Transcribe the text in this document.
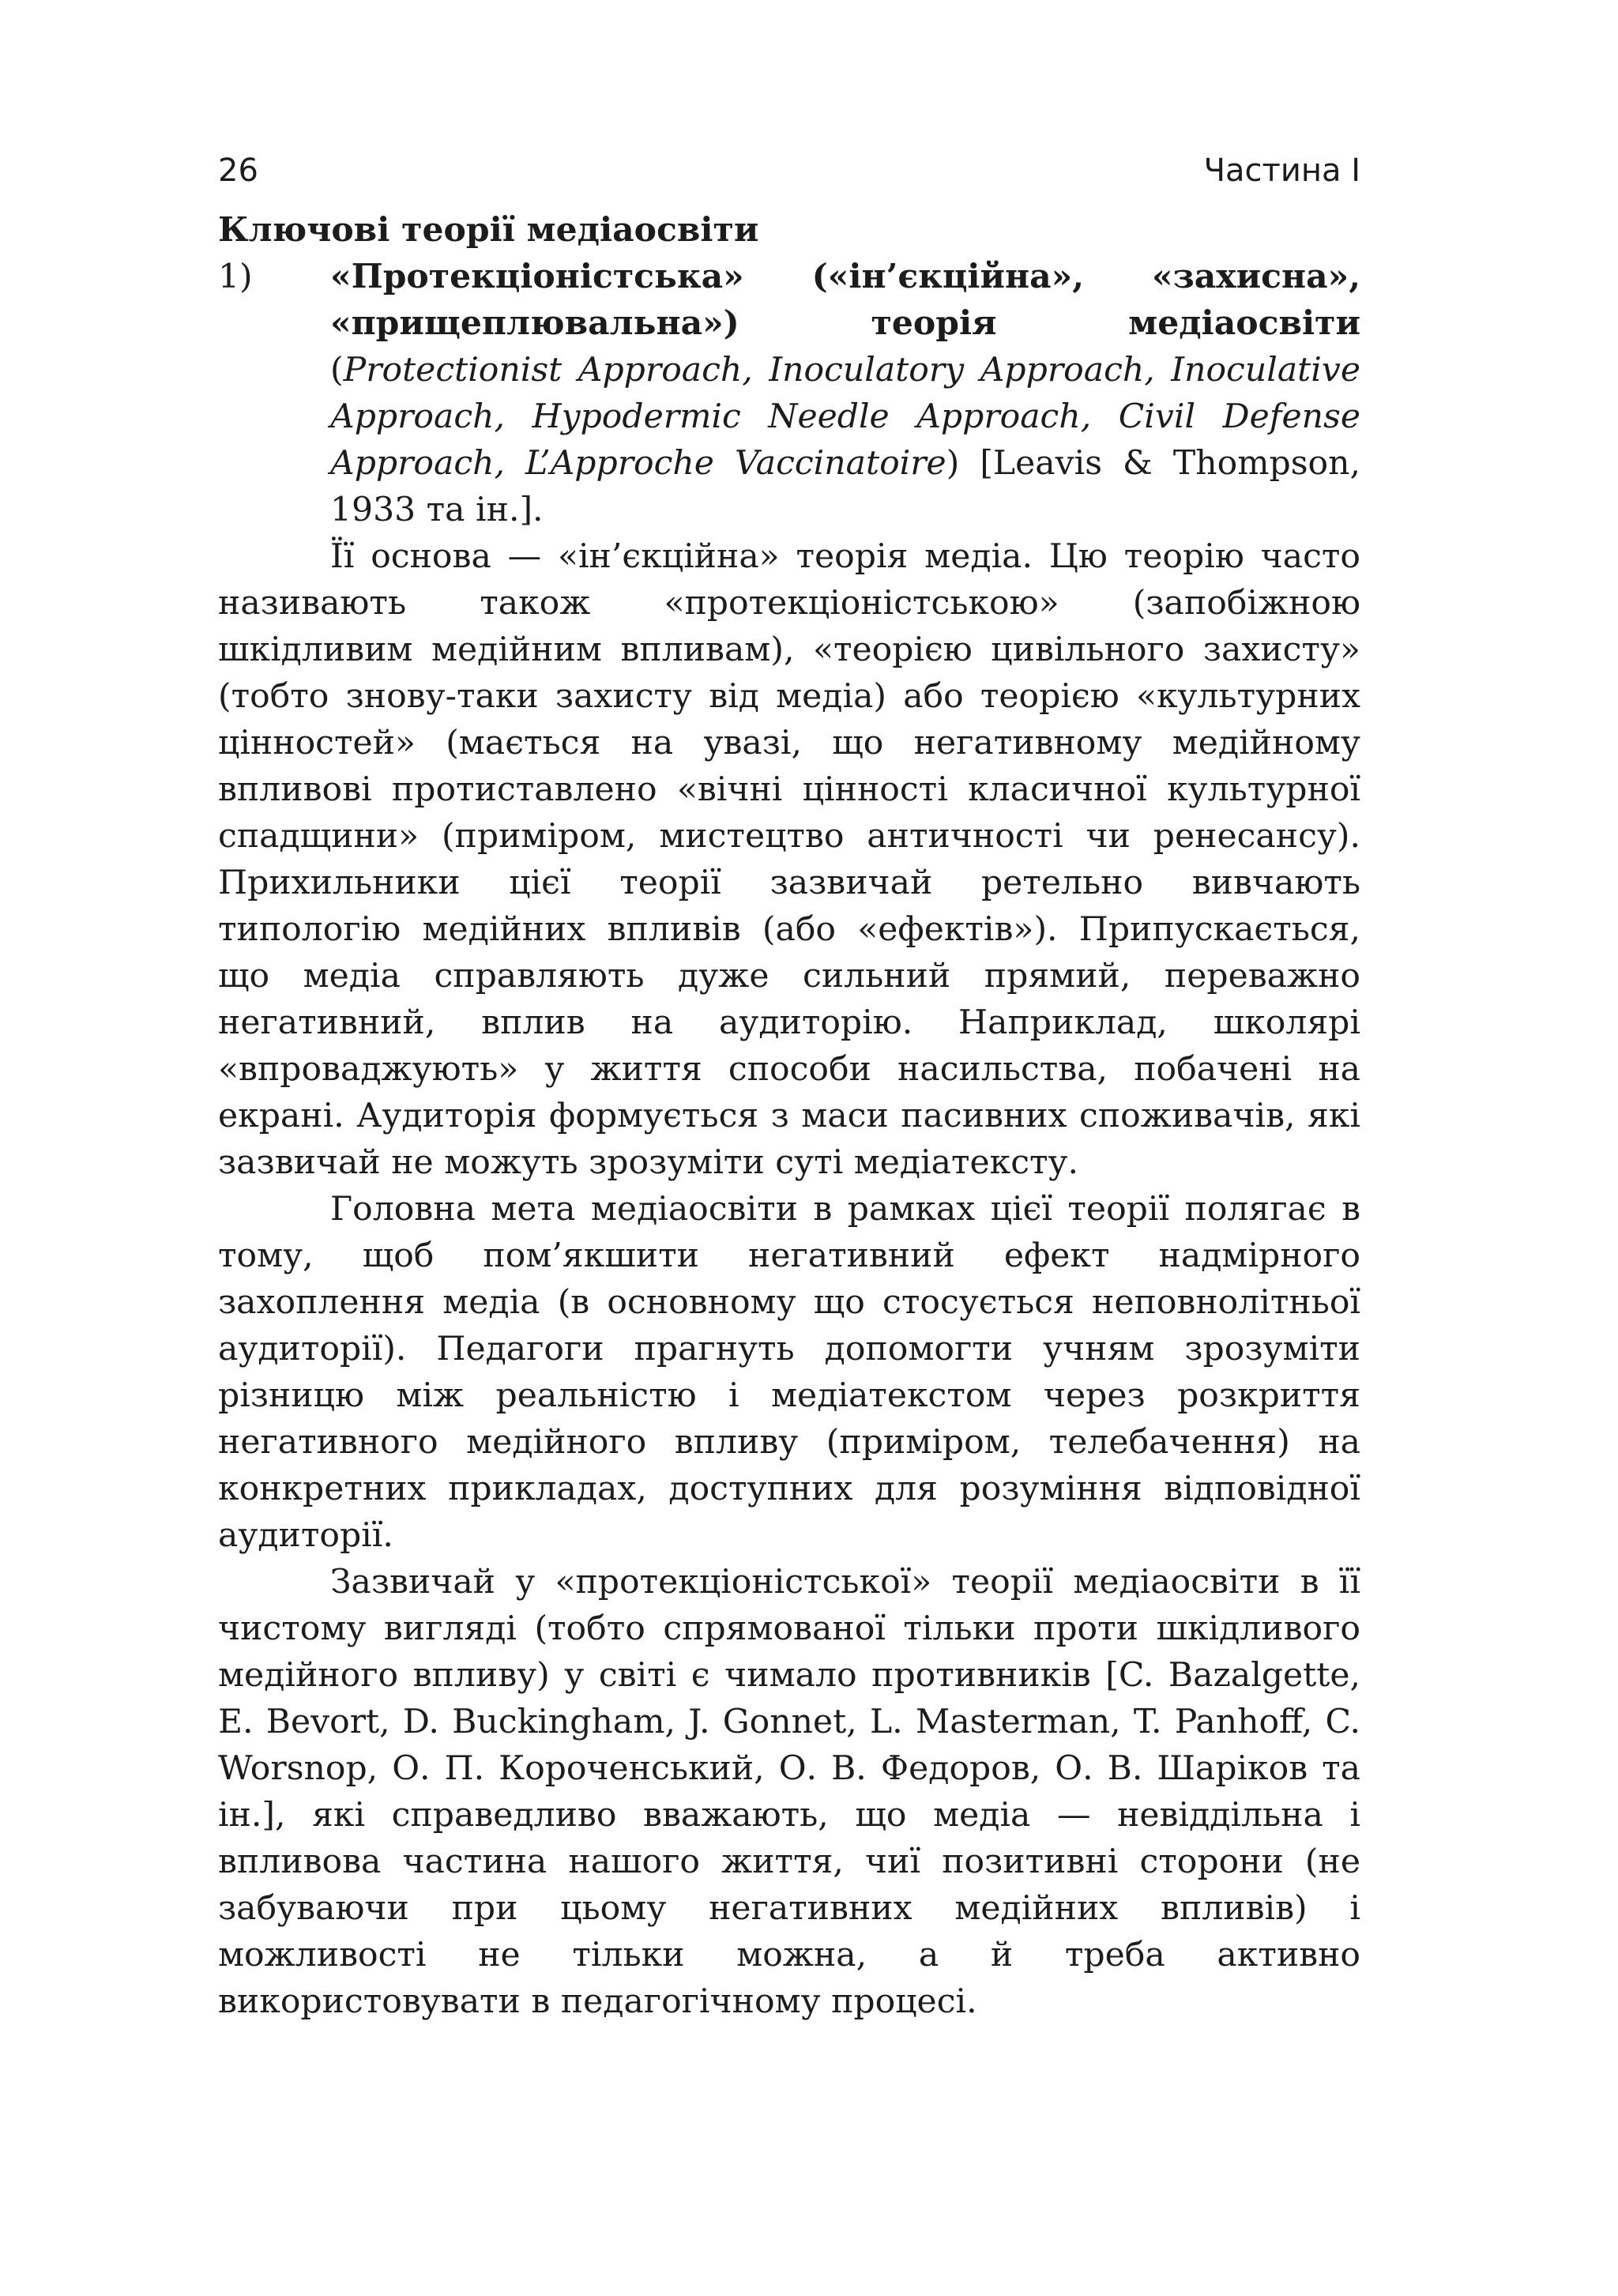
26	Частина І
Ключові теорії медіаосвіти
1)	«Протекціоністська» («ін’єкційна», «захисна», «прищеплювальна») теорія медіаосвіти (Protectionist Approach, Inoculatory Approach, Inoculative Approach, Hypodermic Needle Approach, Civil Defense Approach, L’Approche Vaccinatoire) [Leavis & Thompson, 1933 та ін.].

Її основа — «ін’єкційна» теорія медіа. Цю теорію часто називають також «протекціоністською» (запобіжною шкідливим медійним впливам), «теорією цивільного захисту» (тобто знову-таки захисту від медіа) або теорією «культурних цінностей» (мається на увазі, що негативному медійному впливові протиставлено «вічні цінності класичної культурної спадщини» (приміром, мистецтво античності чи ренесансу). Прихильники цієї теорії зазвичай ретельно вивчають типологію медійних впливів (або «ефектів»). Припускається, що медіа справляють дуже сильний прямий, переважно негативний, вплив на аудиторію. Наприклад, школярі «впроваджують» у життя способи насильства, побачені на екрані. Аудиторія формується з маси пасивних споживачів, які зазвичай не можуть зрозуміти суті медіатексту.

Головна мета медіаосвіти в рамках цієї теорії полягає в тому, щоб пом’якшити негативний ефект надмірного захоплення медіа (в основному що стосується неповнолітньої аудиторії). Педагоги прагнуть допомогти учням зрозуміти різницю між реальністю і медіатекстом через розкриття негативного медійного впливу (приміром, телебачення) на конкретних прикладах, доступних для розуміння відповідної аудиторії.

Зазвичай у «протекціоністської» теорії медіаосвіти в її чистому вигляді (тобто спрямованої тільки проти шкідливого медійного впливу) у світі є чимало противників [C. Bazalgette, E. Bevort, D. Buckingham, J. Gonnet, L. Masterman, T. Panhoff, C. Worsnop, О. П. Короченський, О. В. Федоров, О. В. Шаріков та ін.], які справедливо вважають, що медіа — невіддільна і впливова частина нашого життя, чиї позитивні сторони (не забуваючи при цьому негативних медійних впливів) і можливості не тільки можна, а й треба активно використовувати в педагогічному процесі.
